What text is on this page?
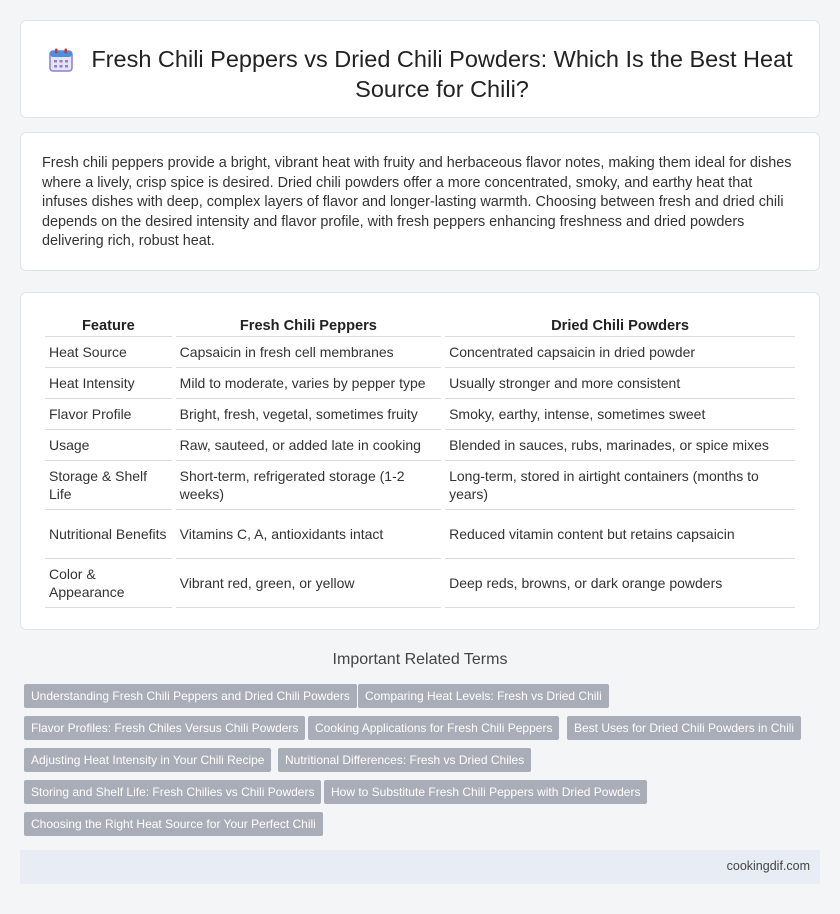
Fresh Chili Peppers vs Dried Chili Powders: Which Is the Best Heat Source for Chili?

Fresh chili peppers provide a bright, vibrant heat with fruity and herbaceous flavor notes, making them ideal for dishes where a lively, crisp spice is desired. Dried chili powders offer a more concentrated, smoky, and earthy heat that infuses dishes with deep, complex layers of flavor and longer-lasting warmth. Choosing between fresh and dried chili depends on the desired intensity and flavor profile, with fresh peppers enhancing freshness and dried powders delivering rich, robust heat.

Feature	Fresh Chili Peppers	Dried Chili Powders
Heat Source	Capsaicin in fresh cell membranes	Concentrated capsaicin in dried powder
Heat Intensity	Mild to moderate, varies by pepper type	Usually stronger and more consistent
Flavor Profile	Bright, fresh, vegetal, sometimes fruity	Smoky, earthy, intense, sometimes sweet
Usage	Raw, sauteed, or added late in cooking	Blended in sauces, rubs, marinades, or spice mixes
Storage & Shelf Life	Short-term, refrigerated storage (1-2 weeks)	Long-term, stored in airtight containers (months to years)
Nutritional Benefits	Vitamins C, A, antioxidants intact	Reduced vitamin content but retains capsaicin
Color & Appearance	Vibrant red, green, or yellow	Deep reds, browns, or dark orange powders
Important Related Terms
Understanding Fresh Chili Peppers and Dried Chili Powders	Comparing Heat Levels: Fresh vs Dried Chili
Flavor Profiles: Fresh Chiles Versus Chili Powders	Cooking Applications for Fresh Chili Peppers	Best Uses for Dried Chili Powders in Chili
Adjusting Heat Intensity in Your Chili Recipe	Nutritional Differences: Fresh vs Dried Chiles
Storing and Shelf Life: Fresh Chilies vs Chili Powders	How to Substitute Fresh Chili Peppers with Dried Powders
Choosing the Right Heat Source for Your Perfect Chili
cookingdif.com
